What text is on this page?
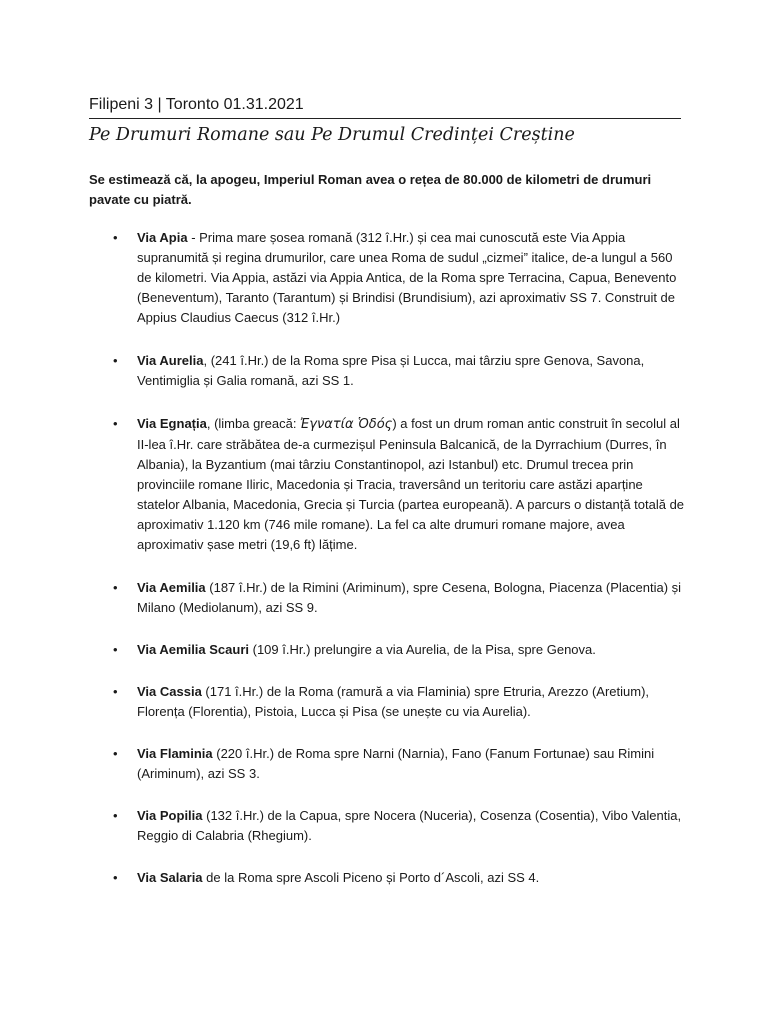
Filipeni 3 | Toronto 01.31.2021
Pe Drumuri Romane sau Pe Drumul Credinței Creștine
Se estimează că, la apogeu, Imperiul Roman avea o rețea de 80.000 de kilometri de drumuri pavate cu piatră.
• Via Apia - Prima mare șosea romană (312 î.Hr.) și cea mai cunoscută este Via Appia supranumită și regina drumurilor, care unea Roma de sudul „cizmei” italice, de-a lungul a 560 de kilometri. Via Appia, astăzi via Appia Antica, de la Roma spre Terracina, Capua, Benevento (Beneventum), Taranto (Tarantum) și Brindisi (Brundisium), azi aproximativ SS 7. Construit de Appius Claudius Caecus (312 î.Hr.)
• Via Aurelia, (241 î.Hr.) de la Roma spre Pisa și Lucca, mai târziu spre Genova, Savona, Ventimiglia și Galia romană, azi SS 1.
• Via Egnația, (limba greacă: Ἐγνατία Ὁδός) a fost un drum roman antic construit în secolul al II-lea î.Hr. care străbătea de-a curmezișul Peninsula Balcanică, de la Dyrrachium (Durres, în Albania), la Byzantium (mai târziu Constantinopol, azi Istanbul) etc. Drumul trecea prin provinciile romane Iliric, Macedonia și Tracia, traversând un teritoriu care astăzi aparține statelor Albania, Macedonia, Grecia și Turcia (partea europeană). A parcurs o distanță totală de aproximativ 1.120 km (746 mile romane). La fel ca alte drumuri romane majore, avea aproximativ șase metri (19,6 ft) lățime.
• Via Aemilia (187 î.Hr.) de la Rimini (Ariminum), spre Cesena, Bologna, Piacenza (Placentia) și Milano (Mediolanum), azi SS 9.
• Via Aemilia Scauri (109 î.Hr.) prelungire a via Aurelia, de la Pisa, spre Genova.
• Via Cassia (171 î.Hr.) de la Roma (ramură a via Flaminia) spre Etruria, Arezzo (Aretium), Florența (Florentia), Pistoia, Lucca și Pisa (se unește cu via Aurelia).
• Via Flaminia (220 î.Hr.) de Roma spre Narni (Narnia), Fano (Fanum Fortunae) sau Rimini (Ariminum), azi SS 3.
• Via Popilia (132 î.Hr.) de la Capua, spre Nocera (Nuceria), Cosenza (Cosentia), Vibo Valentia, Reggio di Calabria (Rhegium).
• Via Salaria de la Roma spre Ascoli Piceno și Porto d´Ascoli, azi SS 4.
